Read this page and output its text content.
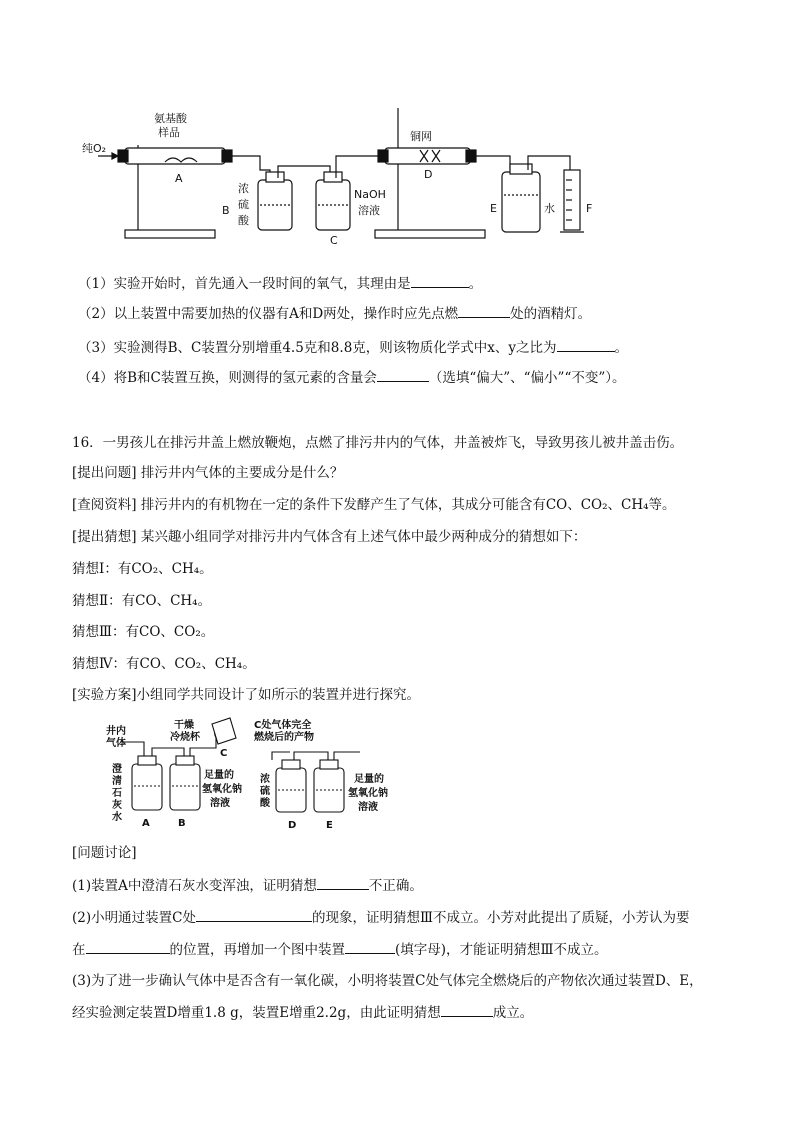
纯O₂
氨基酸
样品
A
B
浓
硫
酸
NaOH
溶液
C
铜网
D
E	水	F
（1）实验开始时，首先通入一段时间的氧气，其理由是	。
（2）以上装置中需要加热的仪器有A和D两处，操作时应先点燃	处的酒精灯。
（3）实验测得B、C装置分别增重4.5克和8.8克，则该物质化学式中x、y之比为	。
（4）将B和C装置互换，则测得的氢元素的含量会	（选填“偏大”、“偏小”“不变”）。
16．一男孩儿在排污井盖上燃放鞭炮，点燃了排污井内的气体，井盖被炸飞，导致男孩儿被井盖击伤。
[提出问题] 排污井内气体的主要成分是什么？
[查阅资料] 排污井内的有机物在一定的条件下发酵产生了气体，其成分可能含有CO、CO₂、CH₄等。
[提出猜想] 某兴趣小组同学对排污井内气体含有上述气体中最少两种成分的猜想如下：
猜想Ⅰ：有CO₂、CH₄。
猜想Ⅱ：有CO、CH₄。
猜想Ⅲ：有CO、CO₂。
猜想Ⅳ：有CO、CO₂、CH₄。
[实验方案]小组同学共同设计了如所示的装置并进行探究。
井内
气体
澄
清
石
灰
水
A	B
干燥
冷烧杯
C
C处气体完全
燃烧后的产物
足量的
氢氧化钠
溶液
浓
硫
酸
D	E
足量的
氢氧化钠
溶液
[问题讨论]
(1)装置A中澄清石灰水变浑浊，证明猜想	不正确。
(2)小明通过装置C处	的现象，证明猜想Ⅲ不成立。小芳对此提出了质疑，小芳认为要
在	的位置，再增加一个图中装置	(填字母)，才能证明猜想Ⅲ不成立。
(3)为了进一步确认气体中是否含有一氧化碳，小明将装置C处气体完全燃烧后的产物依次通过装置D、E，
经实验测定装置D增重1.8 g，装置E增重2.2g，由此证明猜想	成立。
